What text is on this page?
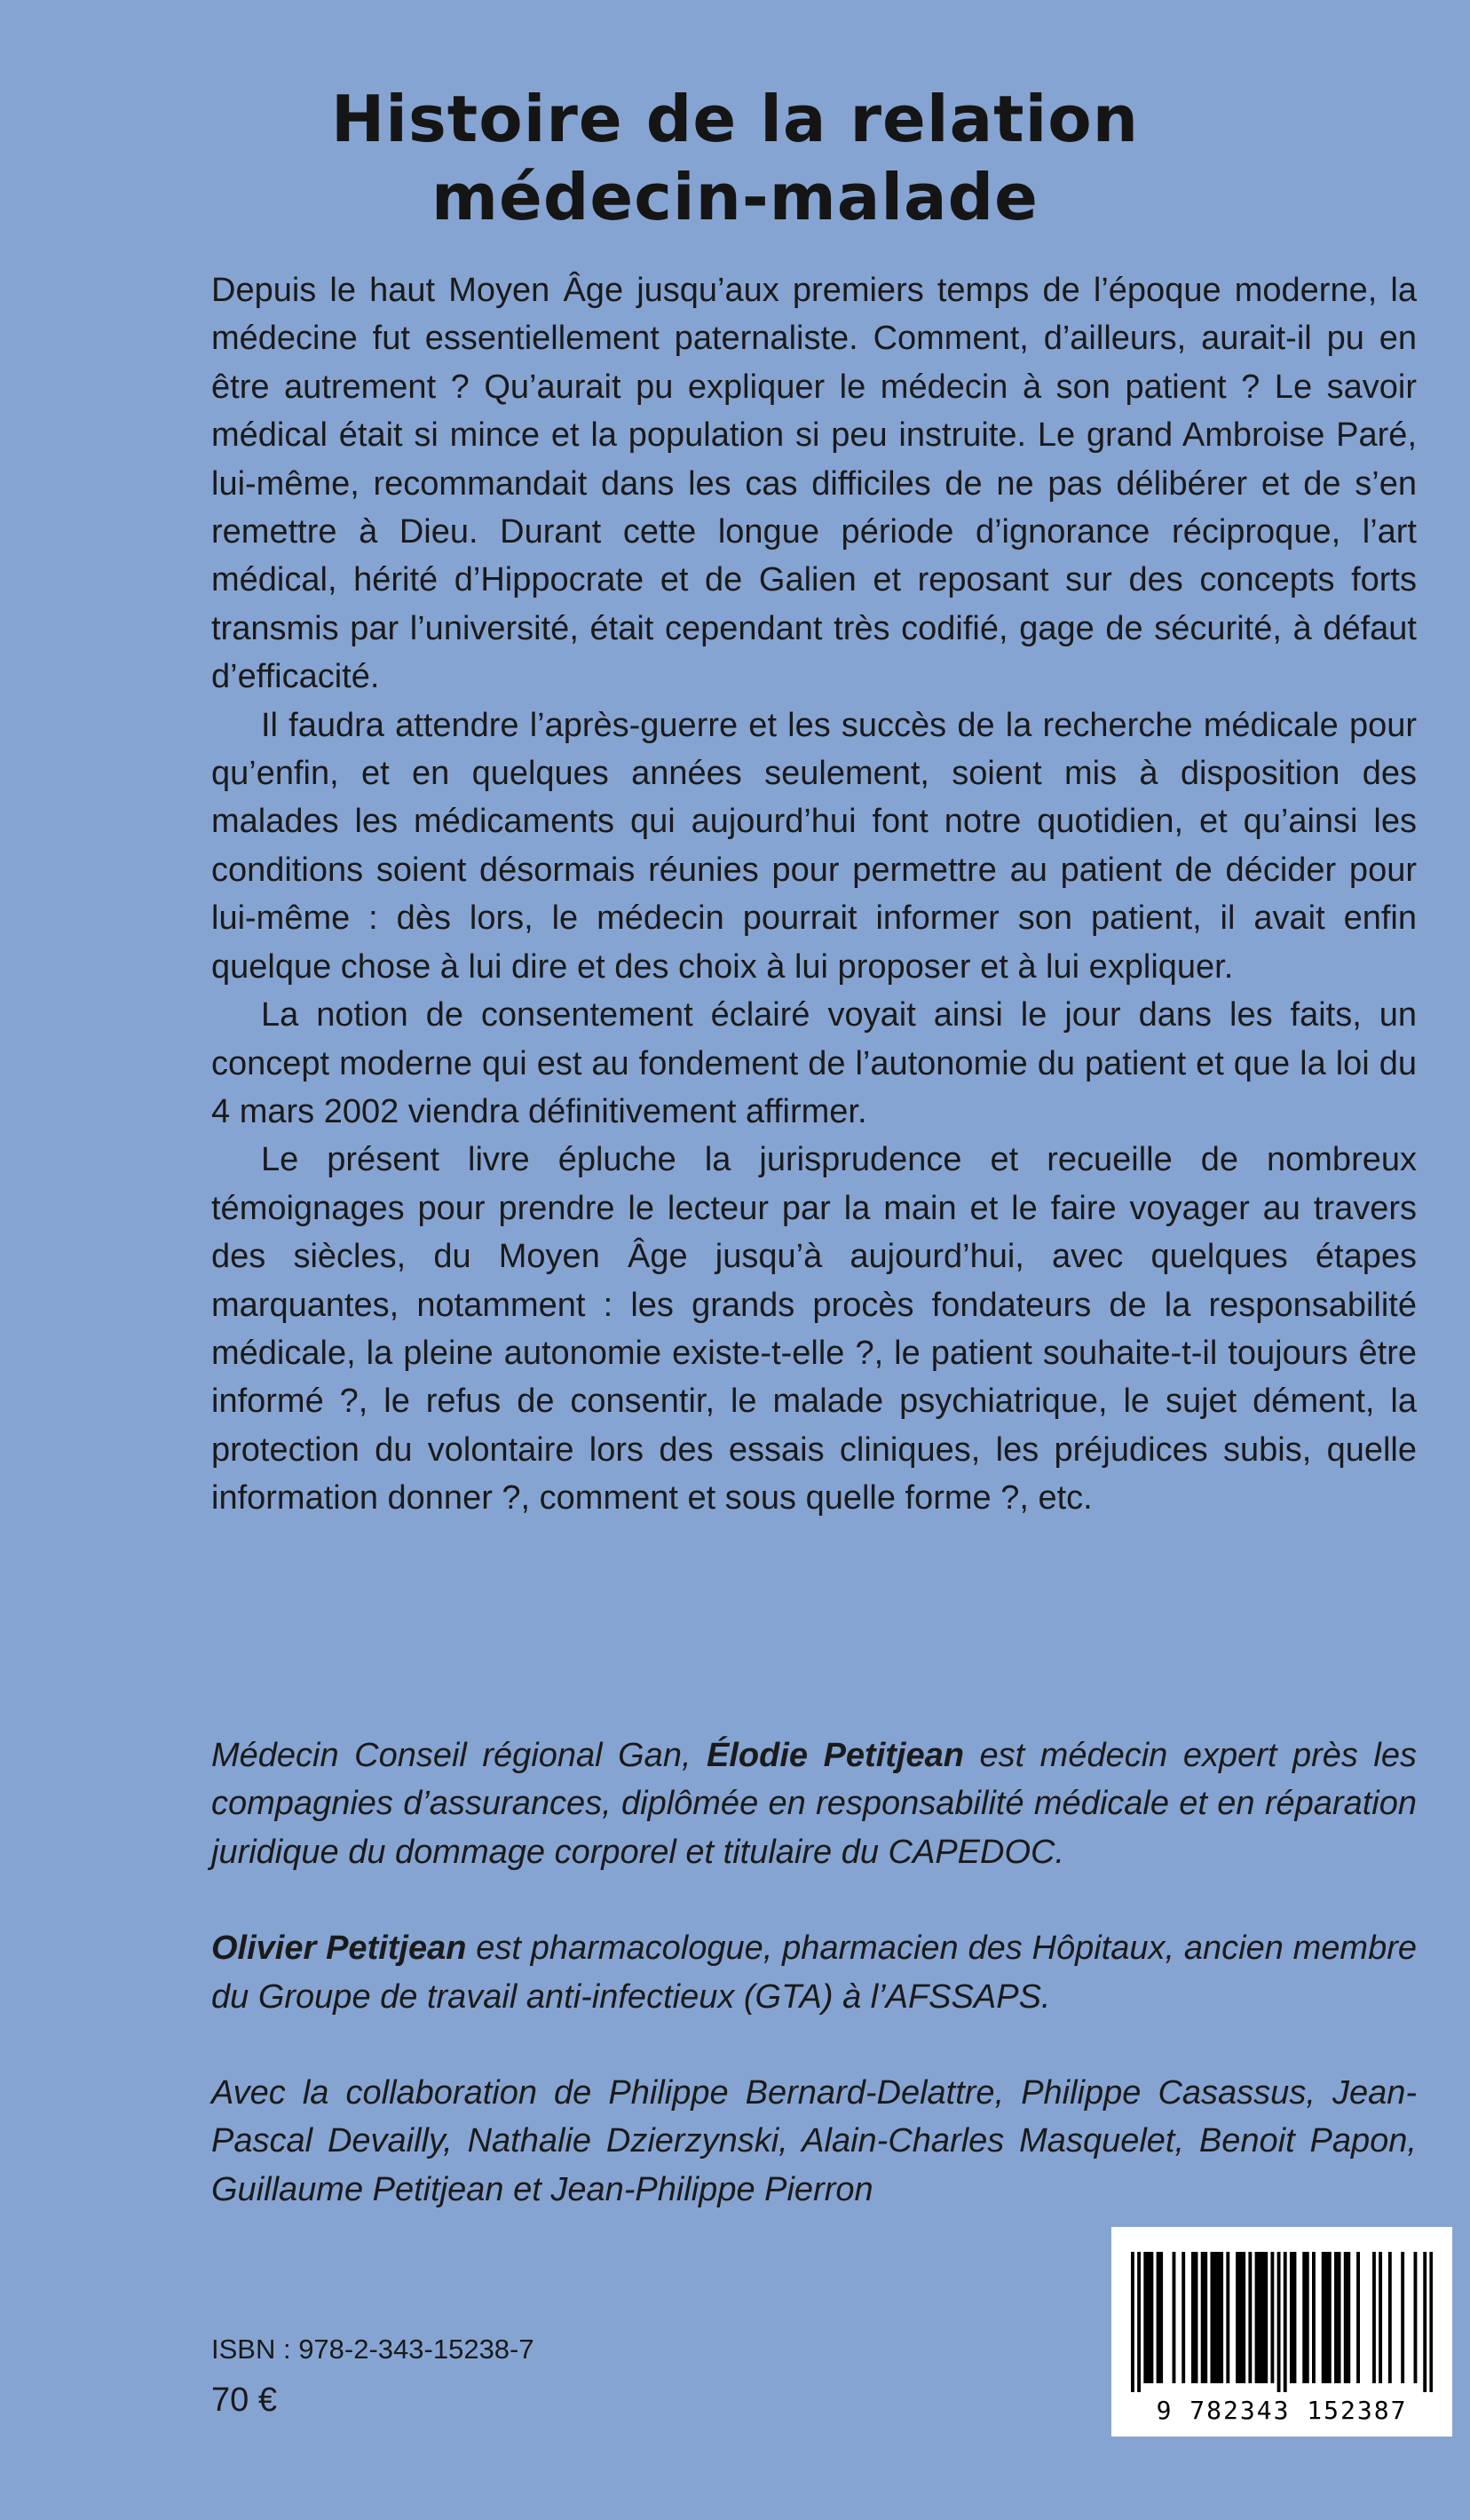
Histoire de la relation
médecin-malade

Depuis le haut Moyen Âge jusqu’aux premiers temps de l’époque moderne, la médecine fut essentiellement paternaliste. Comment, d’ailleurs, aurait-il pu en être autrement ? Qu’aurait pu expliquer le médecin à son patient ? Le savoir médical était si mince et la population si peu instruite. Le grand Ambroise Paré, lui-même, recommandait dans les cas difficiles de ne pas délibérer et de s’en remettre à Dieu. Durant cette longue période d’ignorance réciproque, l’art médical, hérité d’Hippocrate et de Galien et reposant sur des concepts forts transmis par l’université, était cependant très codifié, gage de sécurité, à défaut d’efficacité.

Il faudra attendre l’après-guerre et les succès de la recherche médicale pour qu’enfin, et en quelques années seulement, soient mis à disposition des malades les médicaments qui aujourd’hui font notre quotidien, et qu’ainsi les conditions soient désormais réunies pour permettre au patient de décider pour lui-même : dès lors, le médecin pourrait informer son patient, il avait enfin quelque chose à lui dire et des choix à lui proposer et à lui expliquer.

La notion de consentement éclairé voyait ainsi le jour dans les faits, un concept moderne qui est au fondement de l’autonomie du patient et que la loi du 4 mars 2002 viendra définitivement affirmer.

Le présent livre épluche la jurisprudence et recueille de nombreux témoignages pour prendre le lecteur par la main et le faire voyager au travers des siècles, du Moyen Âge jusqu’à aujourd’hui, avec quelques étapes marquantes, notamment : les grands procès fondateurs de la responsabilité médicale, la pleine autonomie existe-t-elle ?, le patient souhaite-t-il toujours être informé ?, le refus de consentir, le malade psychiatrique, le sujet dément, la protection du volontaire lors des essais cliniques, les préjudices subis, quelle information donner ?, comment et sous quelle forme ?, etc.

Médecin Conseil régional Gan, Élodie Petitjean est médecin expert près les compagnies d’assurances, diplômée en responsabilité médicale et en réparation juridique du dommage corporel et titulaire du CAPEDOC.

Olivier Petitjean est pharmacologue, pharmacien des Hôpitaux, ancien membre du Groupe de travail anti-infectieux (GTA) à l’AFSSAPS.

Avec la collaboration de Philippe Bernard-Delattre, Philippe Casassus, Jean-Pascal Devailly, Nathalie Dzierzynski, Alain-Charles Masquelet, Benoit Papon, Guillaume Petitjean et Jean-Philippe Pierron

ISBN : 978-2-343-15238-7

70 €	9 782343 152387
